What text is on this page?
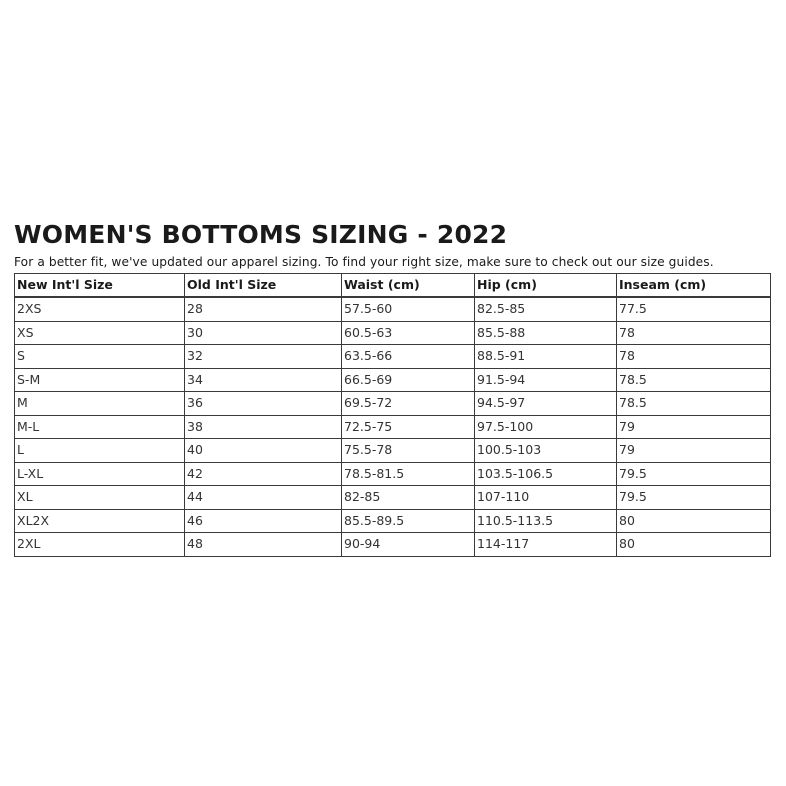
WOMEN'S BOTTOMS SIZING - 2022

For a better fit, we've updated our apparel sizing. To find your right size, make sure to check out our size guides.

New Int'l Size	Old Int'l Size	Waist (cm)	Hip (cm)	Inseam (cm)
2XS	28	57.5-60	82.5-85	77.5
XS	30	60.5-63	85.5-88	78
S	32	63.5-66	88.5-91	78
S-M	34	66.5-69	91.5-94	78.5
M	36	69.5-72	94.5-97	78.5
M-L	38	72.5-75	97.5-100	79
L	40	75.5-78	100.5-103	79
L-XL	42	78.5-81.5	103.5-106.5	79.5
XL	44	82-85	107-110	79.5
XL2X	46	85.5-89.5	110.5-113.5	80
2XL	48	90-94	114-117	80
